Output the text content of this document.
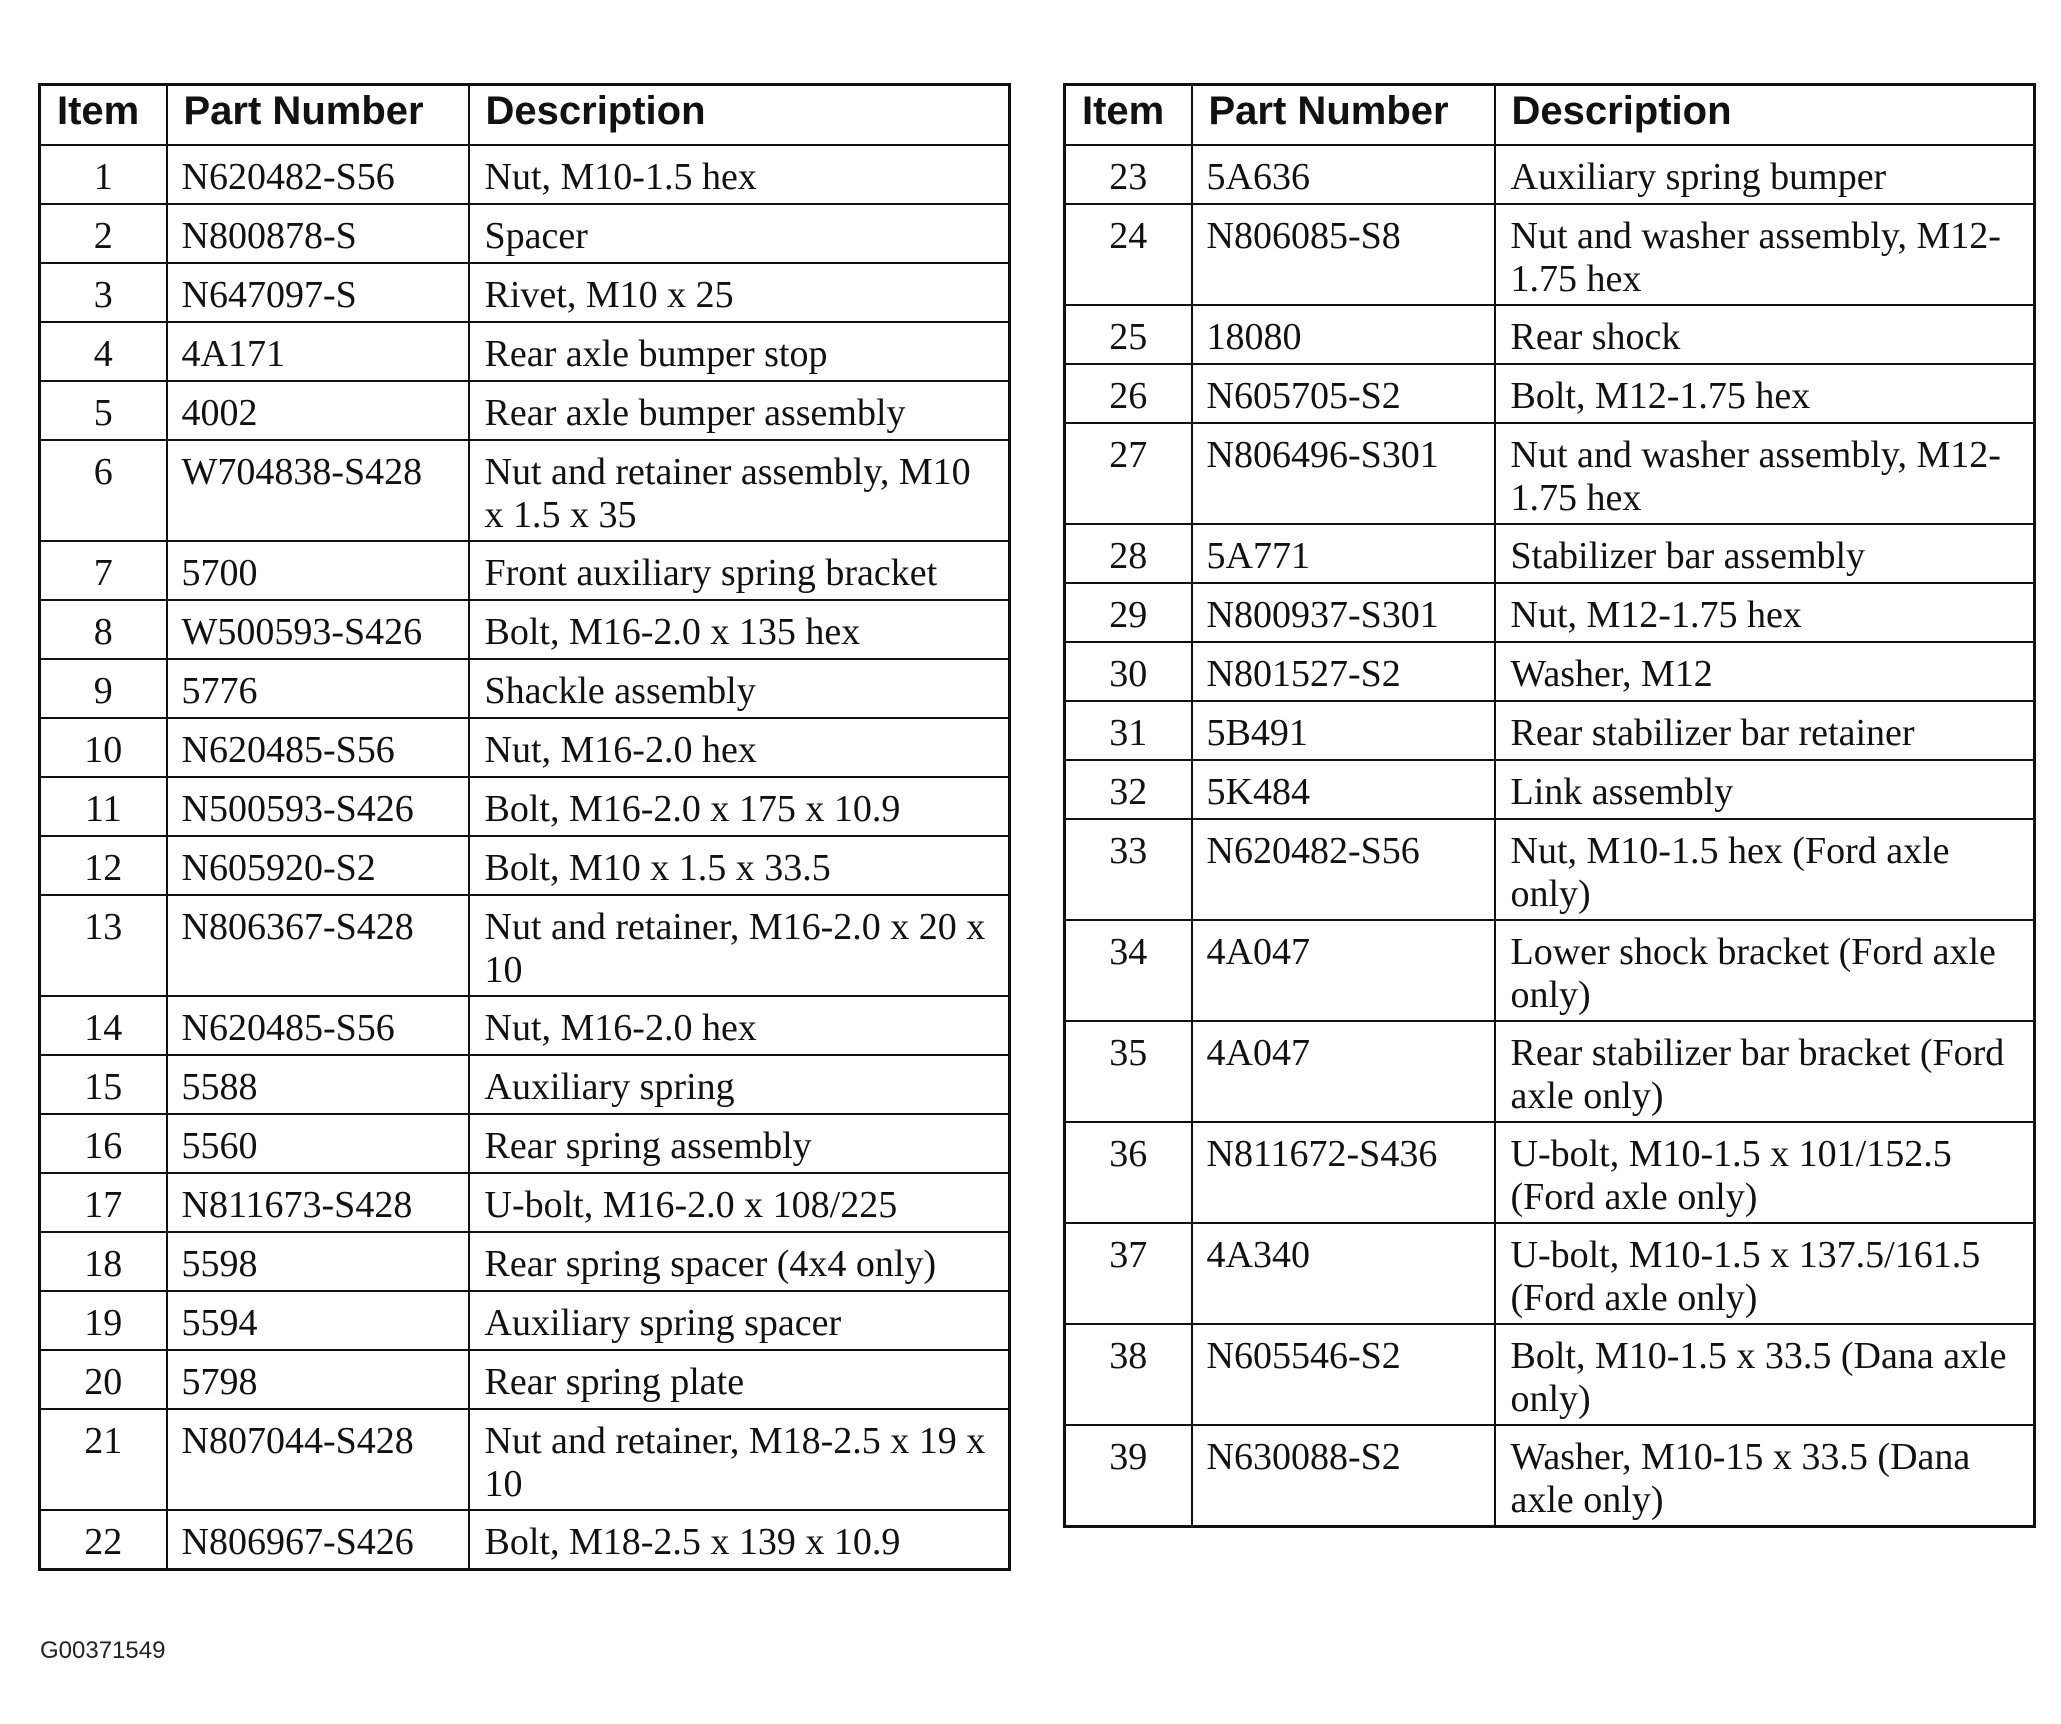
Item	Part Number	Description
1	N620482-S56	Nut, M10-1.5 hex
2	N800878-S	Spacer
3	N647097-S	Rivet, M10 x 25
4	4A171	Rear axle bumper stop
5	4002	Rear axle bumper assembly
6	W704838-S428	Nut and retainer assembly, M10 x 1.5 x 35
7	5700	Front auxiliary spring bracket
8	W500593-S426	Bolt, M16-2.0 x 135 hex
9	5776	Shackle assembly
10	N620485-S56	Nut, M16-2.0 hex
11	N500593-S426	Bolt, M16-2.0 x 175 x 10.9
12	N605920-S2	Bolt, M10 x 1.5 x 33.5
13	N806367-S428	Nut and retainer, M16-2.0 x 20 x 10
14	N620485-S56	Nut, M16-2.0 hex
15	5588	Auxiliary spring
16	5560	Rear spring assembly
17	N811673-S428	U-bolt, M16-2.0 x 108/225
18	5598	Rear spring spacer (4x4 only)
19	5594	Auxiliary spring spacer
20	5798	Rear spring plate
21	N807044-S428	Nut and retainer, M18-2.5 x 19 x 10
22	N806967-S426	Bolt, M18-2.5 x 139 x 10.9
Item	Part Number	Description
23	5A636	Auxiliary spring bumper
24	N806085-S8	Nut and washer assembly, M12-1.75 hex
25	18080	Rear shock
26	N605705-S2	Bolt, M12-1.75 hex
27	N806496-S301	Nut and washer assembly, M12-1.75 hex
28	5A771	Stabilizer bar assembly
29	N800937-S301	Nut, M12-1.75 hex
30	N801527-S2	Washer, M12
31	5B491	Rear stabilizer bar retainer
32	5K484	Link assembly
33	N620482-S56	Nut, M10-1.5 hex (Ford axle only)
34	4A047	Lower shock bracket (Ford axle only)
35	4A047	Rear stabilizer bar bracket (Ford axle only)
36	N811672-S436	U-bolt, M10-1.5 x 101/152.5 (Ford axle only)
37	4A340	U-bolt, M10-1.5 x 137.5/161.5 (Ford axle only)
38	N605546-S2	Bolt, M10-1.5 x 33.5 (Dana axle only)
39	N630088-S2	Washer, M10-15 x 33.5 (Dana axle only)
G00371549
